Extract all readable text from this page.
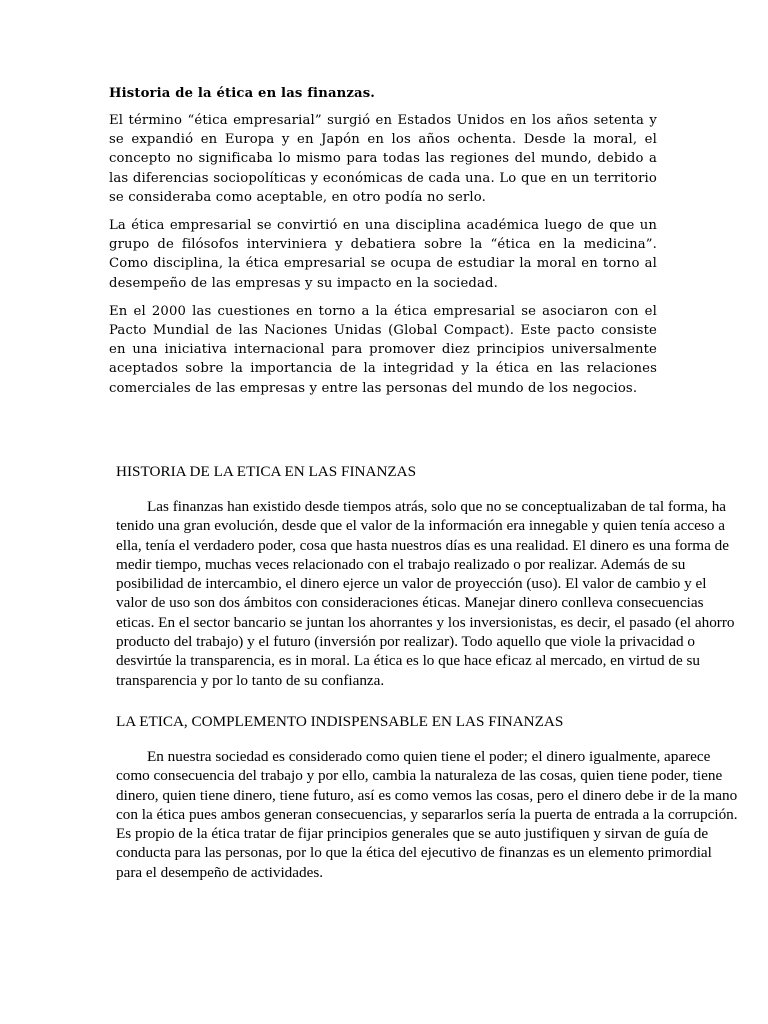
Historia de la ética en las finanzas.

El término “ética empresarial” surgió en Estados Unidos en los años setenta y se expandió en Europa y en Japón en los años ochenta. Desde la moral, el concepto no significaba lo mismo para todas las regiones del mundo, debido a las diferencias sociopolíticas y económicas de cada una. Lo que en un territorio se consideraba como aceptable, en otro podía no serlo.

La ética empresarial se convirtió en una disciplina académica luego de que un grupo de filósofos interviniera y debatiera sobre la “ética en la medicina”. Como disciplina, la ética empresarial se ocupa de estudiar la moral en torno al desempeño de las empresas y su impacto en la sociedad.

En el 2000 las cuestiones en torno a la ética empresarial se asociaron con el Pacto Mundial de las Naciones Unidas (Global Compact). Este pacto consiste en una iniciativa internacional para promover diez principios universalmente aceptados sobre la importancia de la integridad y la ética en las relaciones comerciales de las empresas y entre las personas del mundo de los negocios.

HISTORIA DE LA ETICA EN LAS FINANZAS

Las finanzas han existido desde tiempos atrás, solo que no se conceptualizaban de tal forma, ha tenido una gran evolución, desde que el valor de la información era innegable y quien tenía acceso a ella, tenía el verdadero poder, cosa que hasta nuestros días es una realidad. El dinero es una forma de medir tiempo, muchas veces relacionado con el trabajo realizado o por realizar. Además de su posibilidad de intercambio, el dinero ejerce un valor de proyección (uso). El valor de cambio y el valor de uso son dos ámbitos con consideraciones éticas. Manejar dinero conlleva consecuencias eticas. En el sector bancario se juntan los ahorrantes y los inversionistas, es decir, el pasado (el ahorro producto del trabajo) y el futuro (inversión por realizar). Todo aquello que viole la privacidad o desvirtúe la transparencia, es in moral. La ética es lo que hace eficaz al mercado, en virtud de su transparencia y por lo tanto de su confianza.

LA ETICA, COMPLEMENTO INDISPENSABLE EN LAS FINANZAS

En nuestra sociedad es considerado como quien tiene el poder; el dinero igualmente, aparece como consecuencia del trabajo y por ello, cambia la naturaleza de las cosas, quien tiene poder, tiene dinero, quien tiene dinero, tiene futuro, así es como vemos las cosas, pero el dinero debe ir de la mano con la ética pues ambos generan consecuencias, y separarlos sería la puerta de entrada a la corrupción. Es propio de la ética tratar de fijar principios generales que se auto justifiquen y sirvan de guía de conducta para las personas, por lo que la ética del ejecutivo de finanzas es un elemento primordial para el desempeño de actividades.
